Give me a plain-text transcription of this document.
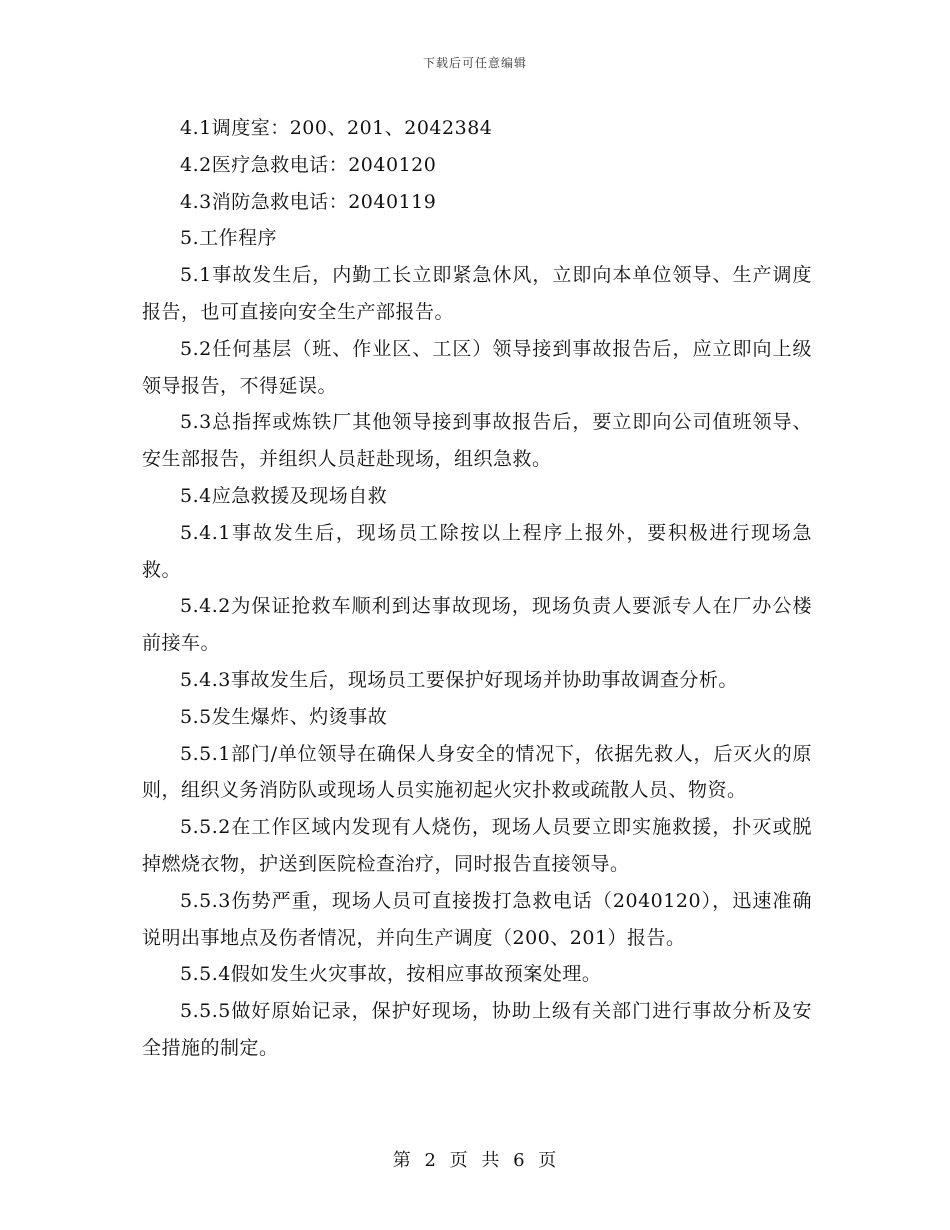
下载后可任意编辑

4.1调度室：200、201、2042384

4.2医疗急救电话：2040120

4.3消防急救电话：2040119

5.工作程序

5.1事故发生后，内勤工长立即紧急休风，立即向本单位领导、生产调度报告，也可直接向安全生产部报告。

5.2任何基层（班、作业区、工区）领导接到事故报告后，应立即向上级领导报告，不得延误。

5.3总指挥或炼铁厂其他领导接到事故报告后，要立即向公司值班领导、安生部报告，并组织人员赶赴现场，组织急救。

5.4应急救援及现场自救

5.4.1事故发生后，现场员工除按以上程序上报外，要积极进行现场急救。

5.4.2为保证抢救车顺利到达事故现场，现场负责人要派专人在厂办公楼前接车。

5.4.3事故发生后，现场员工要保护好现场并协助事故调查分析。

5.5发生爆炸、灼烫事故

5.5.1部门/单位领导在确保人身安全的情况下，依据先救人，后灭火的原则，组织义务消防队或现场人员实施初起火灾扑救或疏散人员、物资。

5.5.2在工作区域内发现有人烧伤，现场人员要立即实施救援，扑灭或脱掉燃烧衣物，护送到医院检查治疗，同时报告直接领导。

5.5.3伤势严重，现场人员可直接拨打急救电话（2040120），迅速准确说明出事地点及伤者情况，并向生产调度（200、201）报告。

5.5.4假如发生火灾事故，按相应事故预案处理。

5.5.5做好原始记录，保护好现场，协助上级有关部门进行事故分析及安全措施的制定。

第 2 页 共 6 页
